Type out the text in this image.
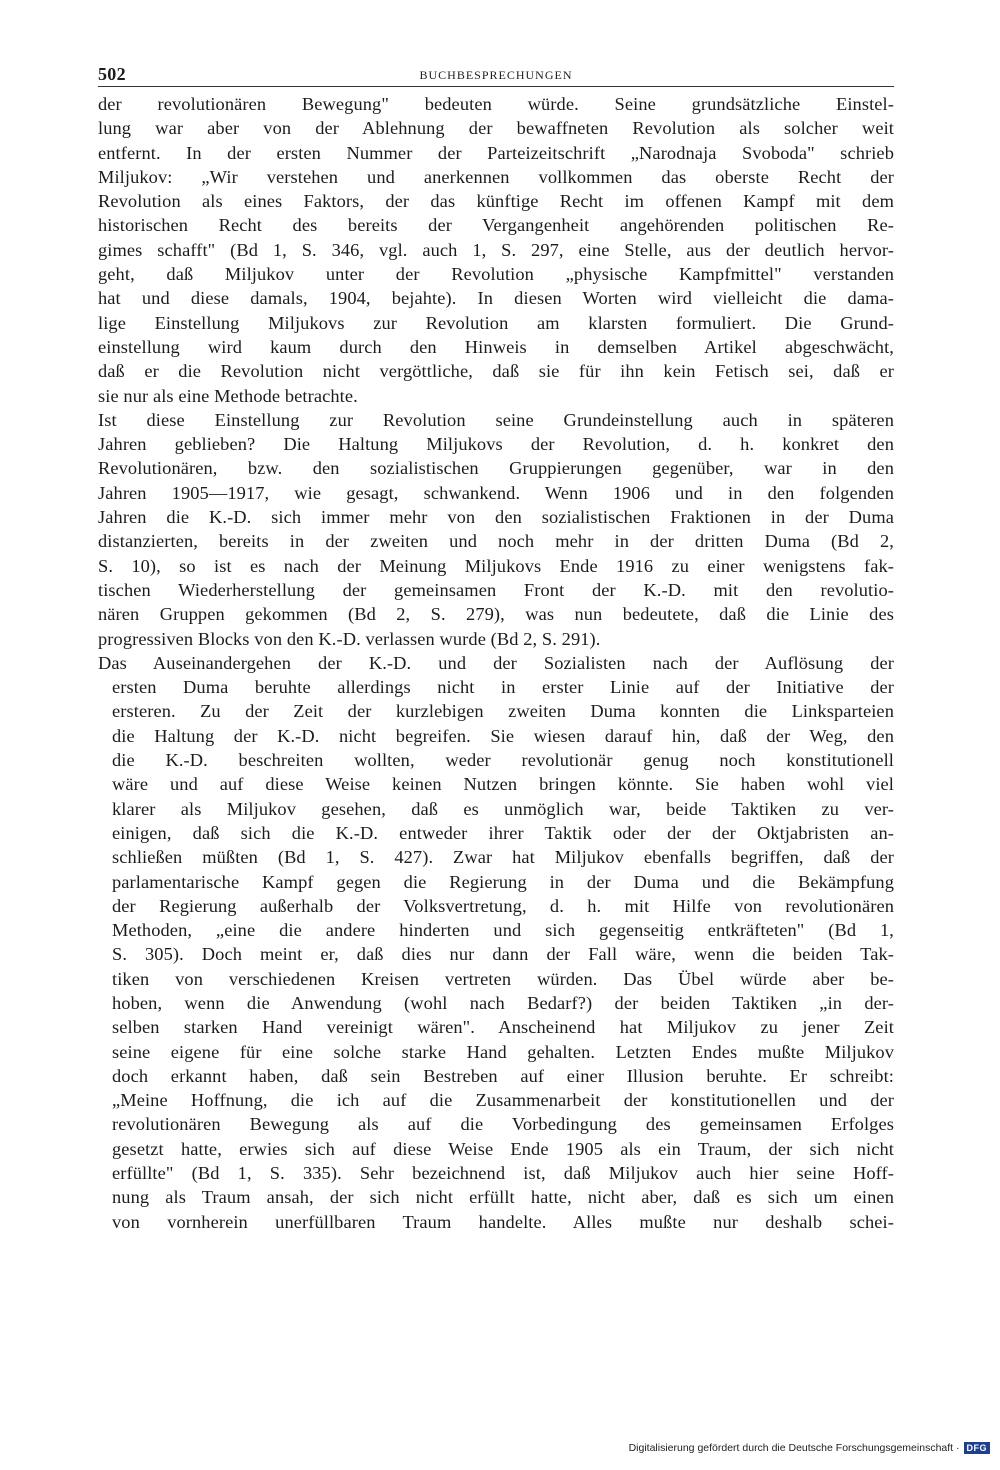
502	BUCHBESPRECHUNGEN
der revolutionären Bewegung" bedeuten würde. Seine grundsätzliche Einstel-
lung war aber von der Ablehnung der bewaffneten Revolution als solcher weit
entfernt. In der ersten Nummer der Parteizeitschrift „Narodnaja Svoboda" schrieb
Miljukov: „Wir verstehen und anerkennen vollkommen das oberste Recht der
Revolution als eines Faktors, der das künftige Recht im offenen Kampf mit dem
historischen Recht des bereits der Vergangenheit angehörenden politischen Re-
gimes schafft" (Bd 1, S. 346, vgl. auch 1, S. 297, eine Stelle, aus der deutlich hervor-
geht, daß Miljukov unter der Revolution „physische Kampfmittel" verstanden
hat und diese damals, 1904, bejahte). In diesen Worten wird vielleicht die dama-
lige Einstellung Miljukovs zur Revolution am klarsten formuliert. Die Grund-
einstellung wird kaum durch den Hinweis in demselben Artikel abgeschwächt,
daß er die Revolution nicht vergöttliche, daß sie für ihn kein Fetisch sei, daß er
sie nur als eine Methode betrachte.
Ist diese Einstellung zur Revolution seine Grundeinstellung auch in späteren
Jahren geblieben? Die Haltung Miljukovs der Revolution, d. h. konkret den
Revolutionären, bzw. den sozialistischen Gruppierungen gegenüber, war in den
Jahren 1905—1917, wie gesagt, schwankend. Wenn 1906 und in den folgenden
Jahren die K.-D. sich immer mehr von den sozialistischen Fraktionen in der Duma
distanzierten, bereits in der zweiten und noch mehr in der dritten Duma (Bd 2,
S. 10), so ist es nach der Meinung Miljukovs Ende 1916 zu einer wenigstens fak-
tischen Wiederherstellung der gemeinsamen Front der K.-D. mit den revolutio-
nären Gruppen gekommen (Bd 2, S. 279), was nun bedeutete, daß die Linie des
progressiven Blocks von den K.-D. verlassen wurde (Bd 2, S. 291).
Das Auseinandergehen der K.-D. und der Sozialisten nach der Auflösung der
ersten Duma beruhte allerdings nicht in erster Linie auf der Initiative der
ersteren. Zu der Zeit der kurzlebigen zweiten Duma konnten die Linksparteien
die Haltung der K.-D. nicht begreifen. Sie wiesen darauf hin, daß der Weg, den
die K.-D. beschreiten wollten, weder revolutionär genug noch konstitutionell
wäre und auf diese Weise keinen Nutzen bringen könnte. Sie haben wohl viel
klarer als Miljukov gesehen, daß es unmöglich war, beide Taktiken zu ver-
einigen, daß sich die K.-D. entweder ihrer Taktik oder der der Oktjabristen an-
schließen müßten (Bd 1, S. 427). Zwar hat Miljukov ebenfalls begriffen, daß der
parlamentarische Kampf gegen die Regierung in der Duma und die Bekämpfung
der Regierung außerhalb der Volksvertretung, d. h. mit Hilfe von revolutionären
Methoden, „eine die andere hinderten und sich gegenseitig entkräfteten" (Bd 1,
S. 305). Doch meint er, daß dies nur dann der Fall wäre, wenn die beiden Tak-
tiken von verschiedenen Kreisen vertreten würden. Das Übel würde aber be-
hoben, wenn die Anwendung (wohl nach Bedarf?) der beiden Taktiken „in der-
selben starken Hand vereinigt wären". Anscheinend hat Miljukov zu jener Zeit
seine eigene für eine solche starke Hand gehalten. Letzten Endes mußte Miljukov
doch erkannt haben, daß sein Bestreben auf einer Illusion beruhte. Er schreibt:
„Meine Hoffnung, die ich auf die Zusammenarbeit der konstitutionellen und der
revolutionären Bewegung als auf die Vorbedingung des gemeinsamen Erfolges
gesetzt hatte, erwies sich auf diese Weise Ende 1905 als ein Traum, der sich nicht
erfüllte" (Bd 1, S. 335). Sehr bezeichnend ist, daß Miljukov auch hier seine Hoff-
nung als Traum ansah, der sich nicht erfüllt hatte, nicht aber, daß es sich um einen
von vornherein unerfüllbaren Traum handelte. Alles mußte nur deshalb schei-
Digitalisierung gefördert durch die Deutsche Forschungsgemeinschaft · DFG
